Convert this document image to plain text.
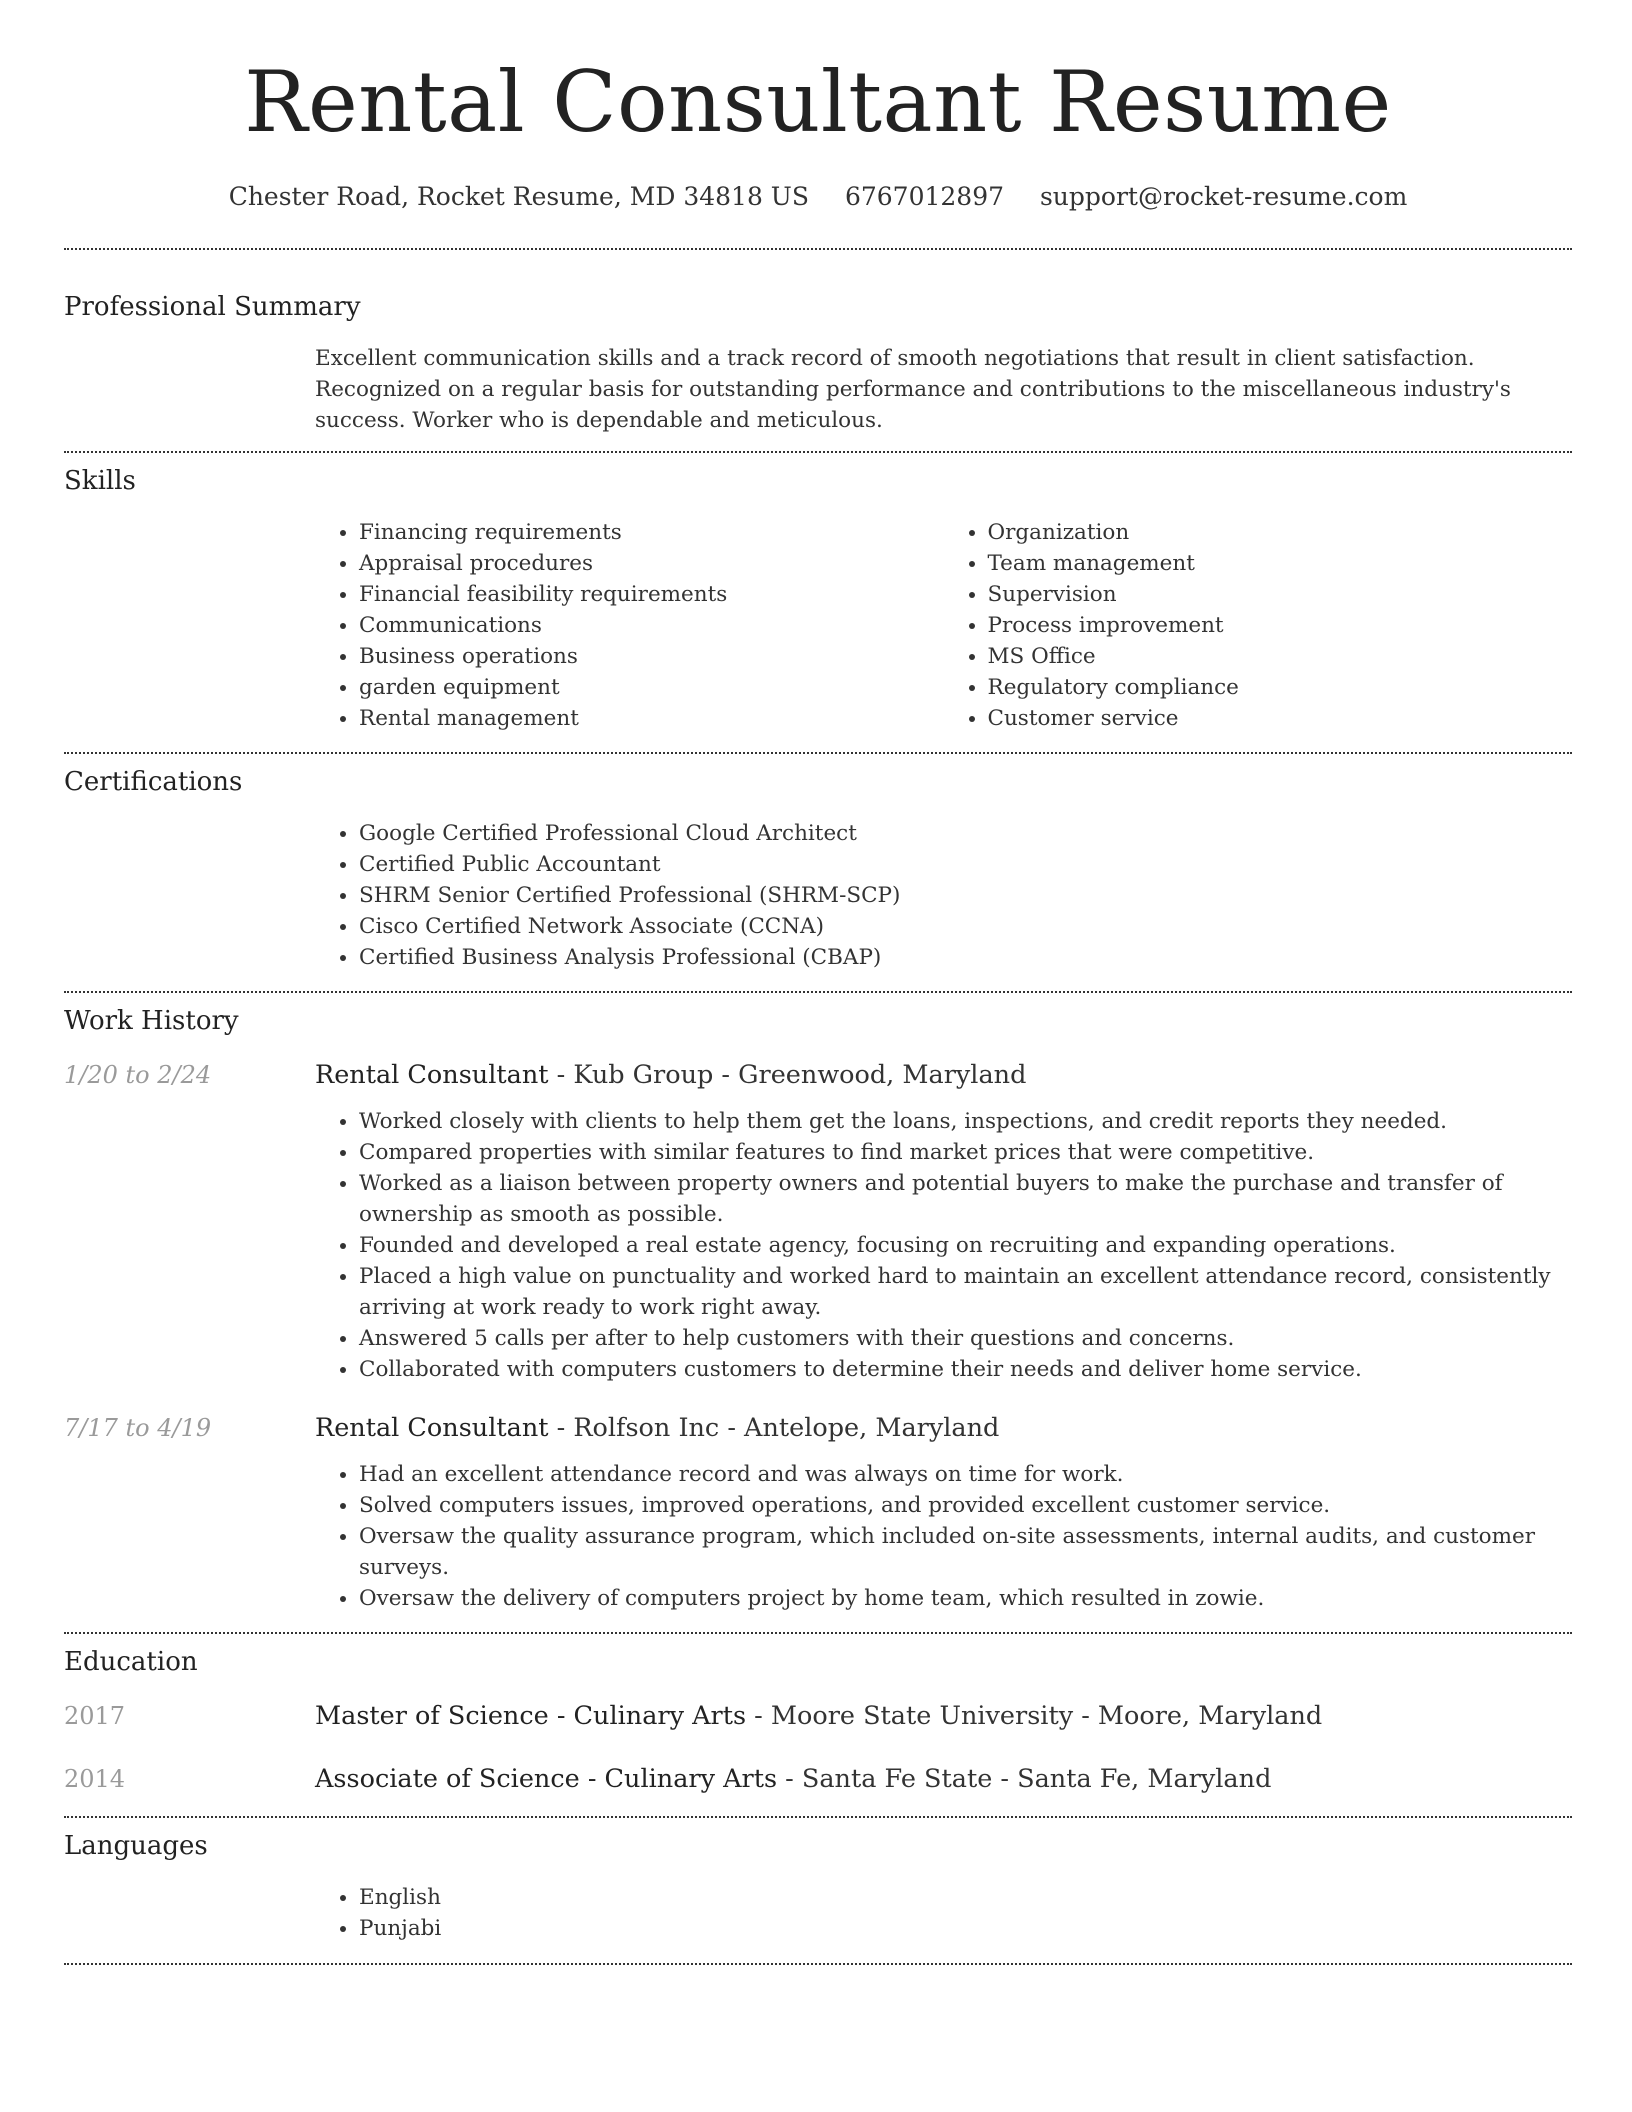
Rental Consultant Resume
Chester Road, Rocket Resume, MD 34818 US 6767012897 support@rocket-resume.com
Professional Summary

Excellent communication skills and a track record of smooth negotiations that result in client satisfaction. Recognized on a regular basis for outstanding performance and contributions to the miscellaneous industry's success. Worker who is dependable and meticulous.

Skills
• Financing requirements
• Appraisal procedures
• Financial feasibility requirements
• Communications
• Business operations
• garden equipment
• Rental management
• Organization
• Team management
• Supervision
• Process improvement
• MS Office
• Regulatory compliance
• Customer service
Certifications
• Google Certified Professional Cloud Architect
• Certified Public Accountant
• SHRM Senior Certified Professional (SHRM-SCP)
• Cisco Certified Network Associate (CCNA)
• Certified Business Analysis Professional (CBAP)
Work History
1/20 to 2/24	Rental Consultant - Kub Group - Greenwood, Maryland
• Worked closely with clients to help them get the loans, inspections, and credit reports they needed.
• Compared properties with similar features to find market prices that were competitive.
• Worked as a liaison between property owners and potential buyers to make the purchase and transfer of ownership as smooth as possible.
• Founded and developed a real estate agency, focusing on recruiting and expanding operations.
• Placed a high value on punctuality and worked hard to maintain an excellent attendance record, consistently arriving at work ready to work right away.
• Answered 5 calls per after to help customers with their questions and concerns.
• Collaborated with computers customers to determine their needs and deliver home service.
7/17 to 4/19	Rental Consultant - Rolfson Inc - Antelope, Maryland
• Had an excellent attendance record and was always on time for work.
• Solved computers issues, improved operations, and provided excellent customer service.
• Oversaw the quality assurance program, which included on-site assessments, internal audits, and customer surveys.
• Oversaw the delivery of computers project by home team, which resulted in zowie.
Education
2017	Master of Science - Culinary Arts - Moore State University - Moore, Maryland
2014	Associate of Science - Culinary Arts - Santa Fe State - Santa Fe, Maryland
Languages
• English
• Punjabi
